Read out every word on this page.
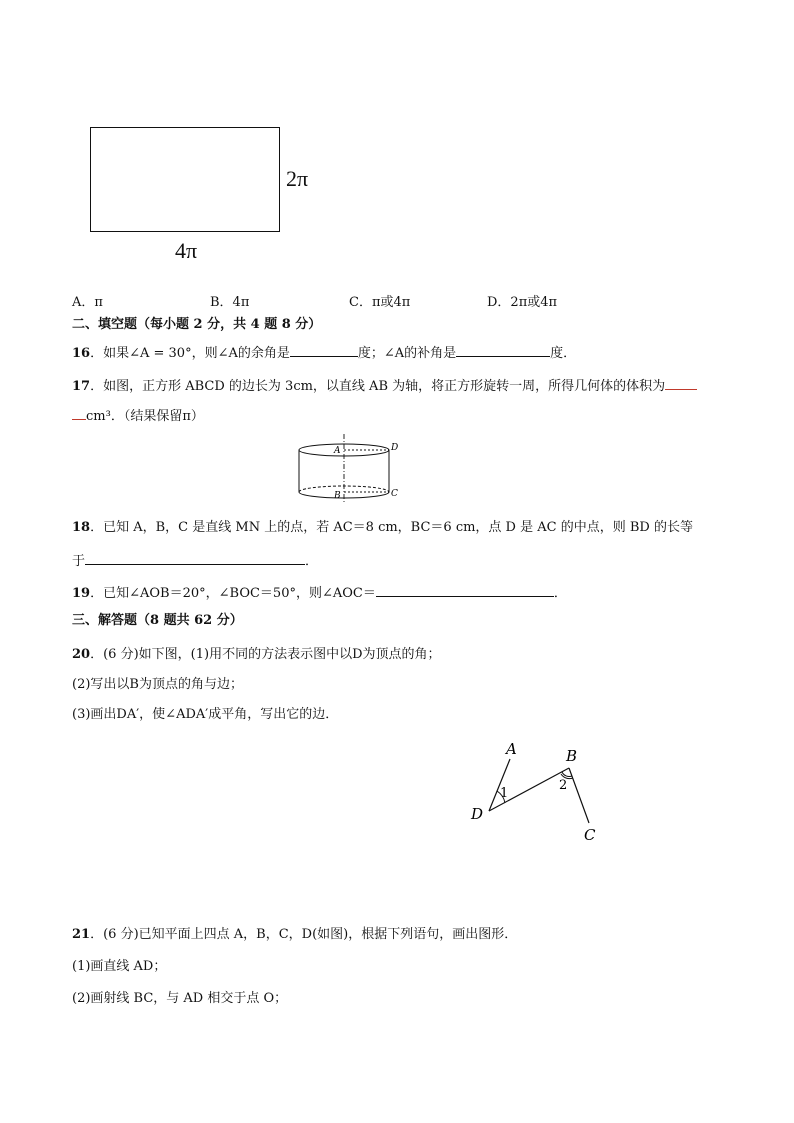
2π
4π
A．π	B．4π	C．π或4π	D．2π或4π
二、填空题（每小题 2 分，共 4 题 8 分）
16．如果∠A = 30°，则∠A的余角是	度；∠A的补角是	度．
17．如图，正方形 ABCD 的边长为 3cm，以直线 AB 为轴，将正方形旋转一周，所得几何体的体积为
cm³．（结果保留π）
A	D
B	C
18．已知 A，B，C 是直线 MN 上的点，若 AC＝8 cm，BC＝6 cm，点 D 是 AC 的中点，则 BD 的长等
于	．
19．已知∠AOB＝20°，∠BOC＝50°，则∠AOC＝	．
三、解答题（8 题共 62 分）
20．(6 分)如下图，(1)用不同的方法表示图中以D为顶点的角；
(2)写出以B为顶点的角与边；
(3)画出DA′，使∠ADA′成平角，写出它的边．
A	B
C
D
1
2
21．(6 分)已知平面上四点 A，B，C，D(如图)，根据下列语句，画出图形．
(1)画直线 AD；
(2)画射线 BC，与 AD 相交于点 O；
